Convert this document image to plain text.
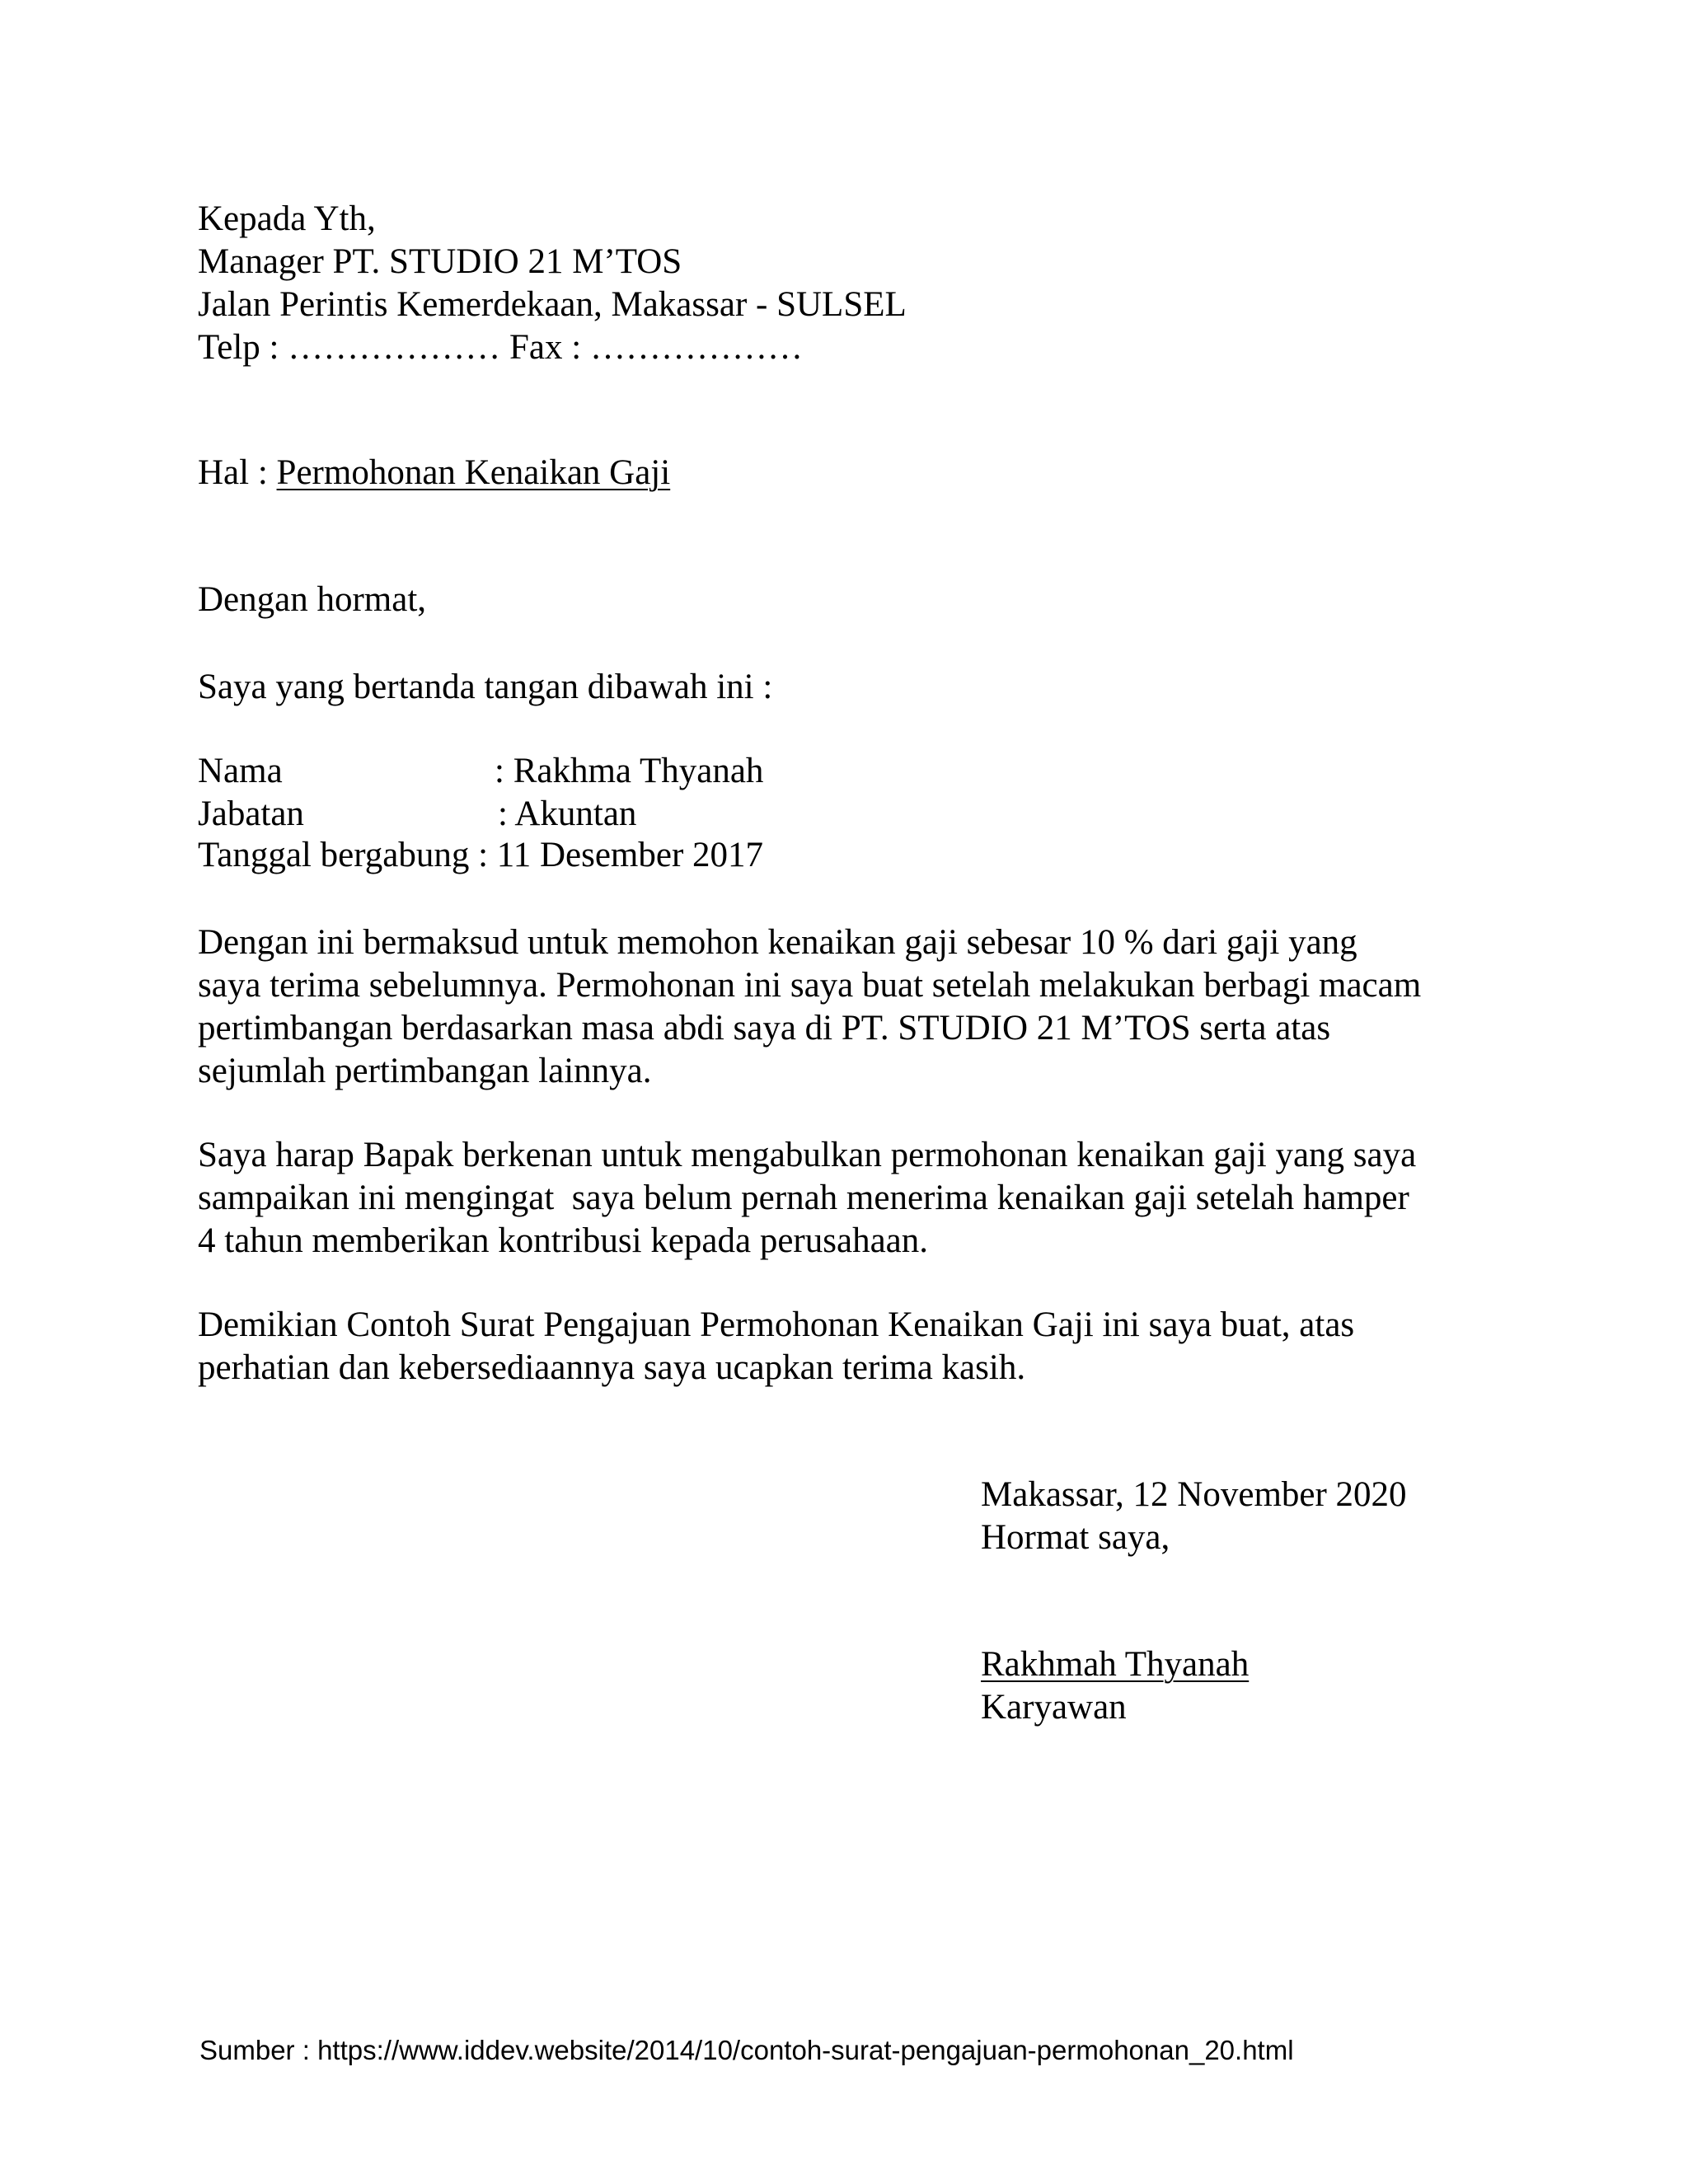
Kepada Yth,

Manager PT. STUDIO 21 M’TOS

Jalan Perintis Kemerdekaan, Makassar - SULSEL

Telp : ……………… Fax : ………………

Hal : Permohonan Kenaikan Gaji

Dengan hormat,

Saya yang bertanda tangan dibawah ini :

Nama	: Rakhma Thyanah

Jabatan	: Akuntan

Tanggal bergabung : 11 Desember 2017

Dengan ini bermaksud untuk memohon kenaikan gaji sebesar 10 % dari gaji yang

saya terima sebelumnya. Permohonan ini saya buat setelah melakukan berbagi macam

pertimbangan berdasarkan masa abdi saya di PT. STUDIO 21 M’TOS serta atas

sejumlah pertimbangan lainnya.

Saya harap Bapak berkenan untuk mengabulkan permohonan kenaikan gaji yang saya

sampaikan ini mengingat  saya belum pernah menerima kenaikan gaji setelah hamper

4 tahun memberikan kontribusi kepada perusahaan.

Demikian Contoh Surat Pengajuan Permohonan Kenaikan Gaji ini saya buat, atas

perhatian dan kebersediaannya saya ucapkan terima kasih.

Makassar, 12 November 2020

Hormat saya,

Rakhmah Thyanah

Karyawan

Sumber : https://www.iddev.website/2014/10/contoh-surat-pengajuan-permohonan_20.html
